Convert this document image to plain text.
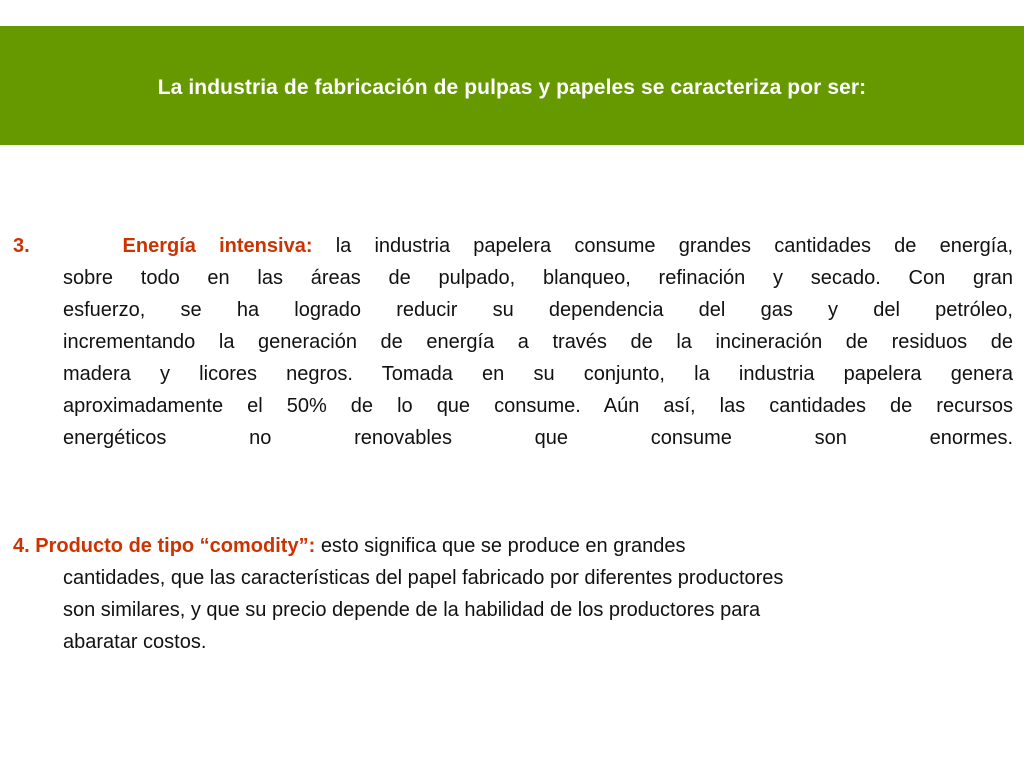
La industria de fabricación de pulpas y papeles se caracteriza por ser:
3.	Energía intensiva: la industria papelera consume grandes cantidades de energía,
sobre todo en las áreas de pulpado, blanqueo, refinación y secado. Con gran
esfuerzo, se ha logrado reducir su dependencia del gas y del petróleo,
incrementando la generación de energía a través de la incineración de residuos de
madera y licores negros. Tomada en su conjunto, la industria papelera genera
aproximadamente el 50% de lo que consume. Aún así, las cantidades de recursos
energéticos no renovables que consume son enormes.
4. Producto de tipo “comodity”: esto significa que se produce en grandes
cantidades, que las características del papel fabricado por diferentes productores
son similares, y que su precio depende de la habilidad de los productores para
abaratar costos.
